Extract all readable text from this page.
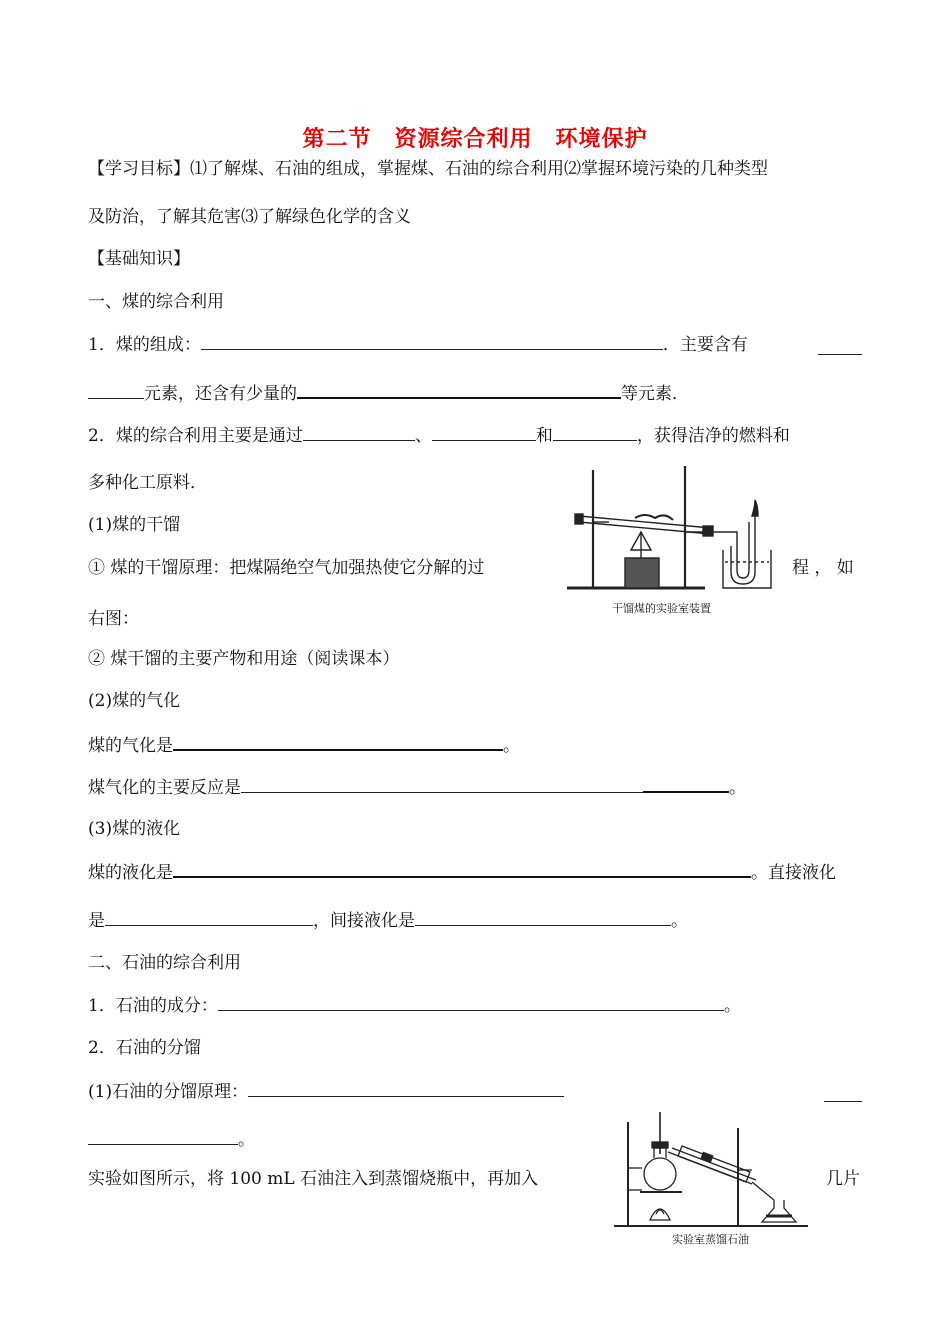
第二节　资源综合利用　环境保护
【学习目标】⑴了解煤、石油的组成，掌握煤、石油的综合利用⑵掌握环境污染的几种类型
及防治，了解其危害⑶了解绿色化学的含义
【基础知识】
一、煤的综合利用
1．煤的组成：	．主要含有
元素，还含有少量的	等元素．
2．煤的综合利用主要是通过	、	和	，获得洁净的燃料和
多种化工原料．
(1)煤的干馏
① 煤的干馏原理：把煤隔绝空气加强热使它分解的过	程 ， 如
右图：
干馏煤的实验室装置
② 煤干馏的主要产物和用途（阅读课本）
(2)煤的气化
煤的气化是	。
煤气化的主要反应是	。
(3)煤的液化
煤的液化是	。直接液化
是	，间接液化是	。
二、石油的综合利用
1．石油的成分：	。
2．石油的分馏
(1)石油的分馏原理：
。
实验如图所示，将 100 mL 石油注入到蒸馏烧瓶中，再加入	几片
实验室蒸馏石油
